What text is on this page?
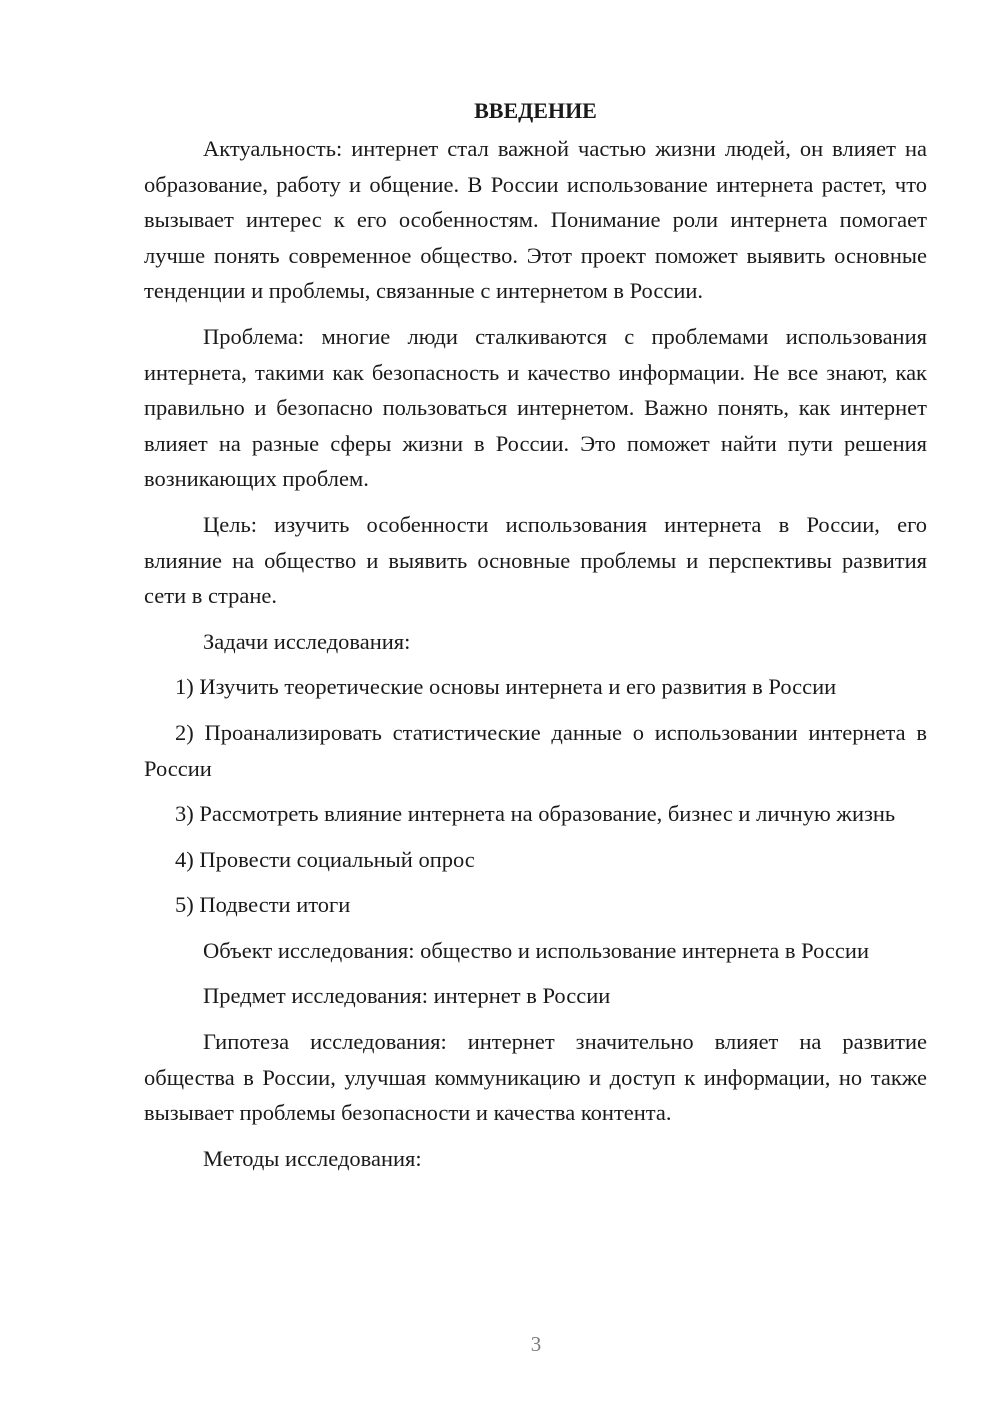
ВВЕДЕНИЕ

Актуальность: интернет стал важной частью жизни людей, он влияет на образование, работу и общение. В России использование интернета растет, что вызывает интерес к его особенностям. Понимание роли интернета помогает лучше понять современное общество. Этот проект поможет выявить основные тенденции и проблемы, связанные с интернетом в России.

Проблема: многие люди сталкиваются с проблемами использования интернета, такими как безопасность и качество информации. Не все знают, как правильно и безопасно пользоваться интернетом. Важно понять, как интернет влияет на разные сферы жизни в России. Это поможет найти пути решения возникающих проблем.

Цель: изучить особенности использования интернета в России, его влияние на общество и выявить основные проблемы и перспективы развития сети в стране.

Задачи исследования:

1) Изучить теоретические основы интернета и его развития в России

2) Проанализировать статистические данные о использовании интернета в России

3) Рассмотреть влияние интернета на образование, бизнес и личную жизнь

4) Провести социальный опрос

5) Подвести итоги

Объект исследования: общество и использование интернета в России

Предмет исследования: интернет в России

Гипотеза исследования: интернет значительно влияет на развитие общества в России, улучшая коммуникацию и доступ к информации, но также вызывает проблемы безопасности и качества контента.

Методы исследования:

3
